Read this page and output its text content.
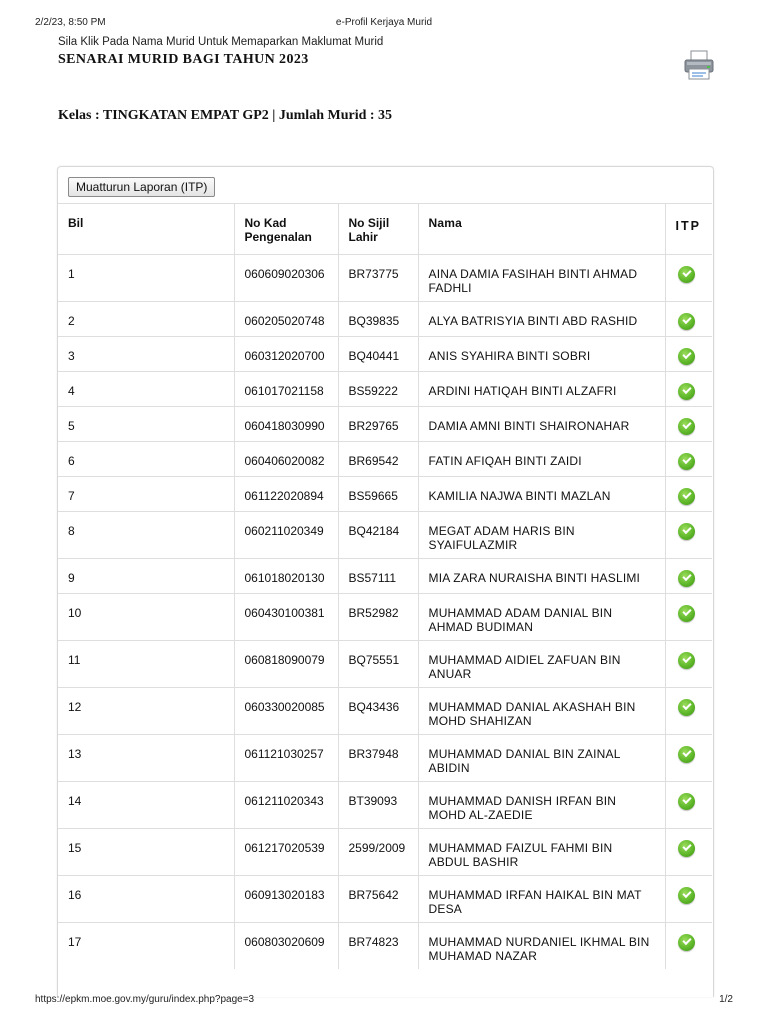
2/2/23, 8:50 PM	e-Profil Kerjaya Murid
Sila Klik Pada Nama Murid Untuk Memaparkan Maklumat Murid
SENARAI MURID BAGI TAHUN 2023
Kelas : TINGKATAN EMPAT GP2 | Jumlah Murid : 35
Muatturun Laporan (ITP)
Bil	No Kad Pengenalan	No Sijil Lahir	Nama	ITP
1	060609020306	BR73775	AINA DAMIA FASIHAH BINTI AHMAD FADHLI	
2	060205020748	BQ39835	ALYA BATRISYIA BINTI ABD RASHID	
3	060312020700	BQ40441	ANIS SYAHIRA BINTI SOBRI	
4	061017021158	BS59222	ARDINI HATIQAH BINTI ALZAFRI	
5	060418030990	BR29765	DAMIA AMNI BINTI SHAIRONAHAR	
6	060406020082	BR69542	FATIN AFIQAH BINTI ZAIDI	
7	061122020894	BS59665	KAMILIA NAJWA BINTI MAZLAN	
8	060211020349	BQ42184	MEGAT ADAM HARIS BIN SYAIFULAZMIR	
9	061018020130	BS57111	MIA ZARA NURAISHA BINTI HASLIMI	
10	060430100381	BR52982	MUHAMMAD ADAM DANIAL BIN AHMAD BUDIMAN	
11	060818090079	BQ75551	MUHAMMAD AIDIEL ZAFUAN BIN ANUAR	
12	060330020085	BQ43436	MUHAMMAD DANIAL AKASHAH BIN MOHD SHAHIZAN	
13	061121030257	BR37948	MUHAMMAD DANIAL BIN ZAINAL ABIDIN	
14	061211020343	BT39093	MUHAMMAD DANISH IRFAN BIN MOHD AL-ZAEDIE	
15	061217020539	2599/2009	MUHAMMAD FAIZUL FAHMI BIN ABDUL BASHIR	
16	060913020183	BR75642	MUHAMMAD IRFAN HAIKAL BIN MAT DESA	
17	060803020609	BR74823	MUHAMMAD NURDANIEL IKHMAL BIN MUHAMAD NAZAR	
https://epkm.moe.gov.my/guru/index.php?page=3	1/2
